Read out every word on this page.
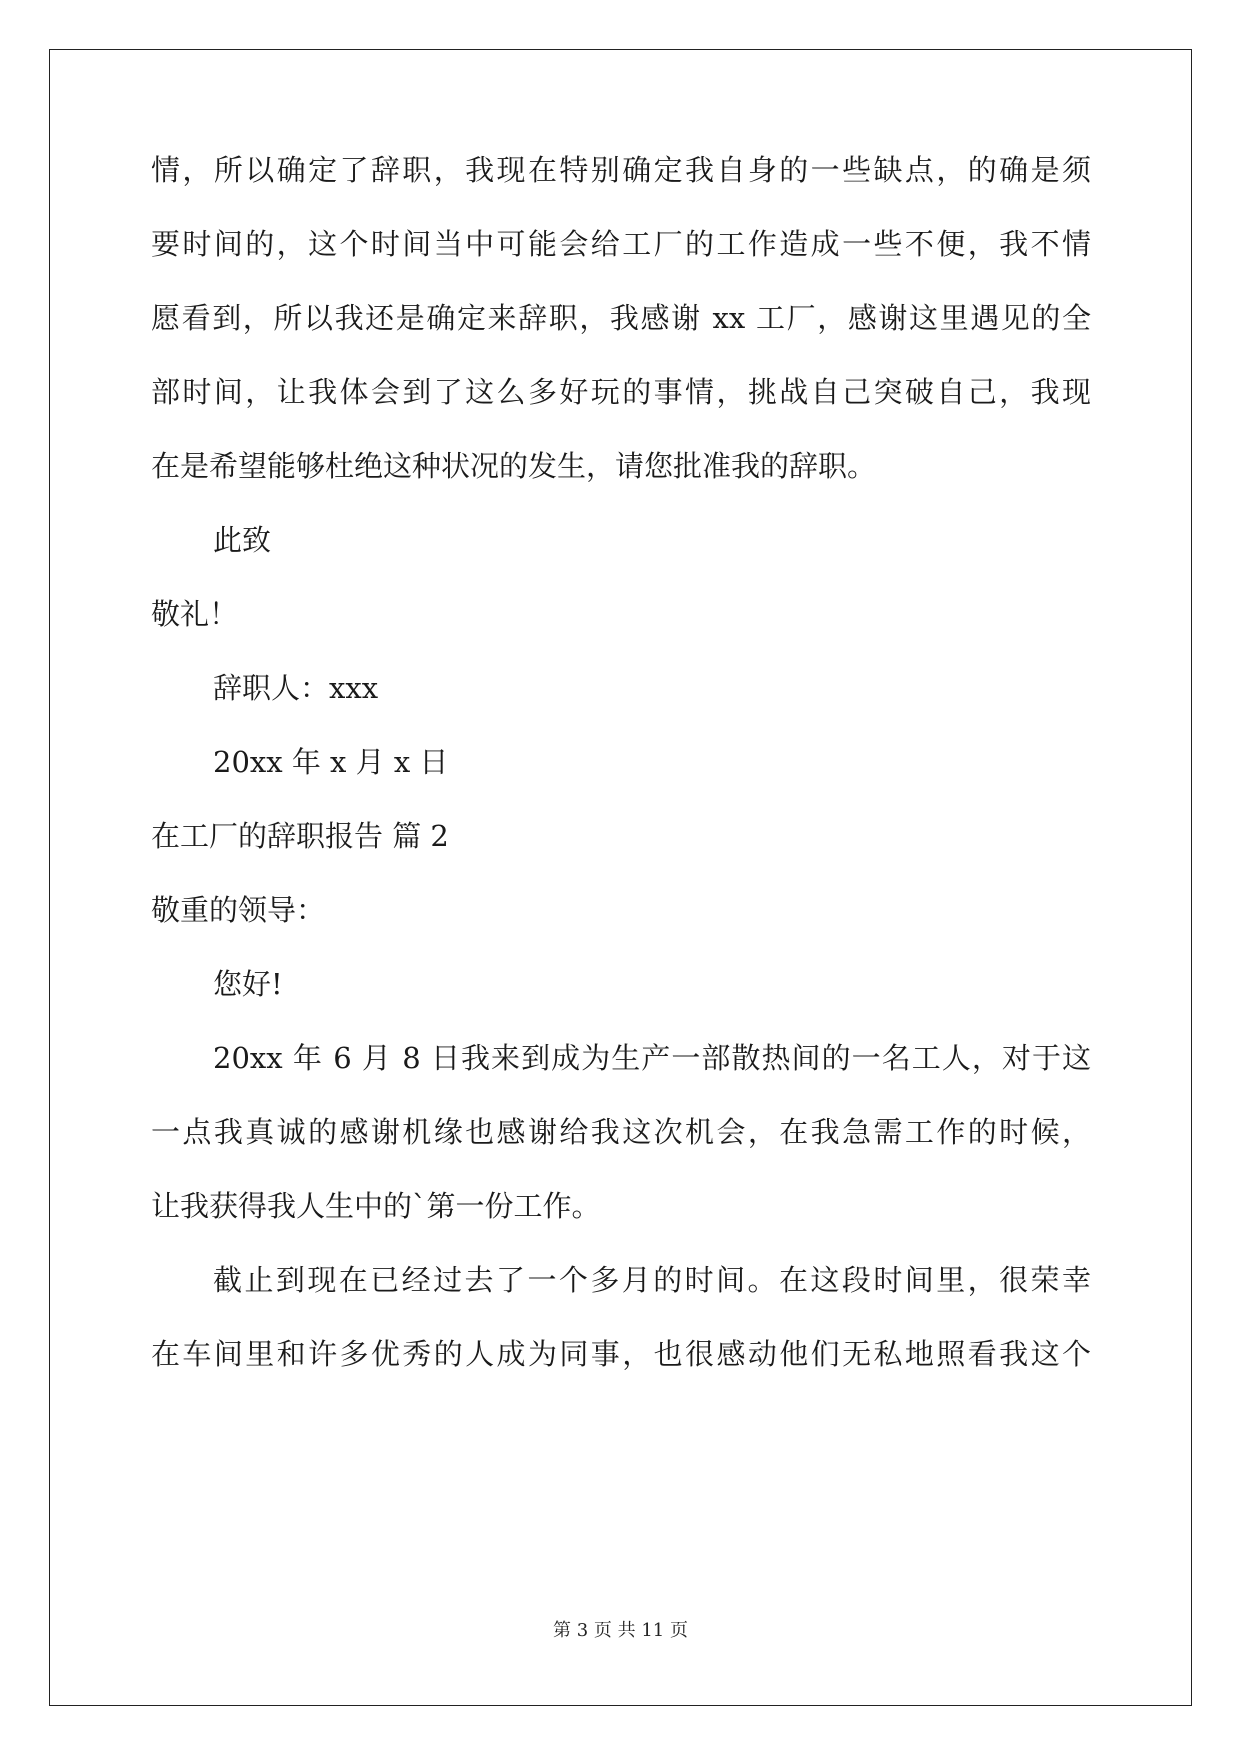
情，所以确定了辞职，我现在特别确定我自身的一些缺点，的确是须
要时间的，这个时间当中可能会给工厂的工作造成一些不便，我不情
愿看到，所以我还是确定来辞职，我感谢 xx 工厂，感谢这里遇见的全
部时间，让我体会到了这么多好玩的事情，挑战自己突破自己，我现
在是希望能够杜绝这种状况的发生，请您批准我的辞职。
此致
敬礼！
辞职人：xxx
20xx 年 x 月 x 日
在工厂的辞职报告 篇 2
敬重的领导：
您好!
20xx 年 6 月 8 日我来到成为生产一部散热间的一名工人，对于这
一点我真诚的感谢机缘也感谢给我这次机会，在我急需工作的时候，
让我获得我人生中的`第一份工作。
截止到现在已经过去了一个多月的时间。在这段时间里，很荣幸
在车间里和许多优秀的人成为同事，也很感动他们无私地照看我这个
第 3 页 共 11 页
